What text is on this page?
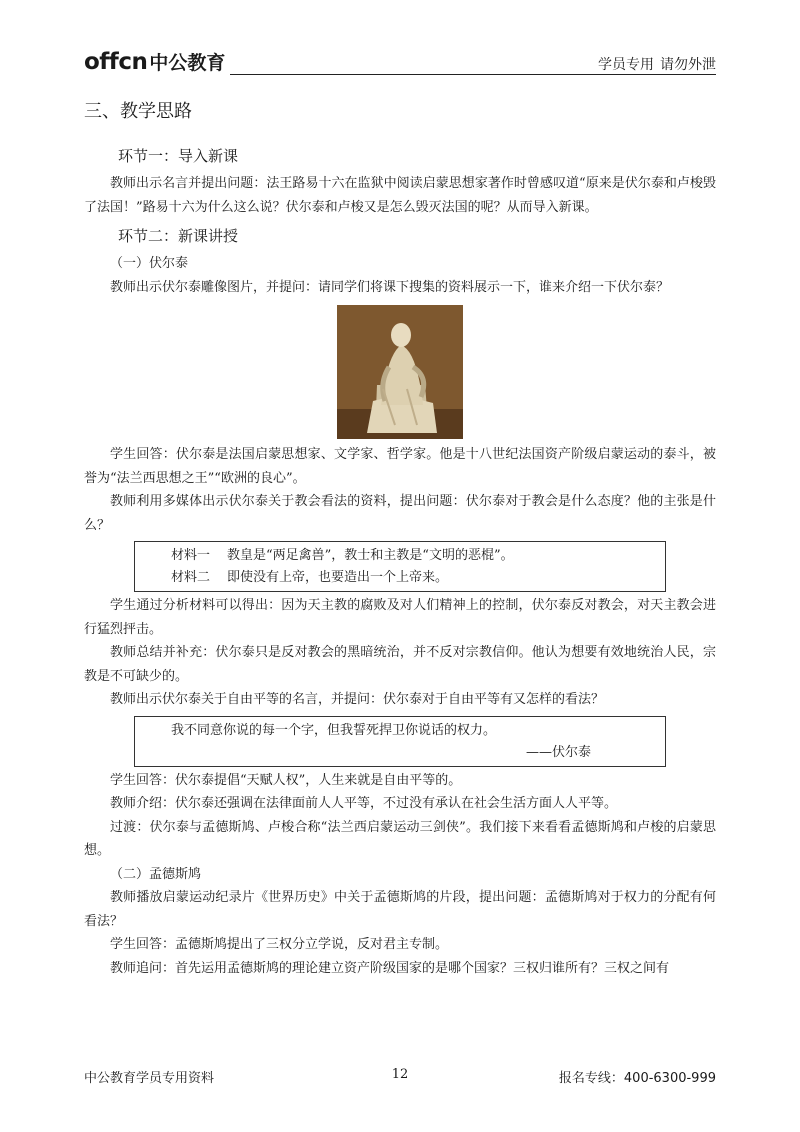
offcn 中公教育	学员专用 请勿外泄
三、教学思路
环节一：导入新课

教师出示名言并提出问题：法王路易十六在监狱中阅读启蒙思想家著作时曾感叹道“原来是伏尔泰和卢梭毁了法国！”路易十六为什么这么说？伏尔泰和卢梭又是怎么毁灭法国的呢？从而导入新课。

环节二：新课讲授
（一）伏尔泰

教师出示伏尔泰雕像图片，并提问：请同学们将课下搜集的资料展示一下，谁来介绍一下伏尔泰？

学生回答：伏尔泰是法国启蒙思想家、文学家、哲学家。他是十八世纪法国资产阶级启蒙运动的泰斗，被誉为“法兰西思想之王”“欧洲的良心”。

教师利用多媒体出示伏尔泰关于教会看法的资料，提出问题：伏尔泰对于教会是什么态度？他的主张是什么？

材料一 教皇是“两足禽兽”，教士和主教是“文明的恶棍”。
材料二 即使没有上帝，也要造出一个上帝来。

学生通过分析材料可以得出：因为天主教的腐败及对人们精神上的控制，伏尔泰反对教会，对天主教会进行猛烈抨击。

教师总结并补充：伏尔泰只是反对教会的黑暗统治，并不反对宗教信仰。他认为想要有效地统治人民，宗教是不可缺少的。

教师出示伏尔泰关于自由平等的名言，并提问：伏尔泰对于自由平等有又怎样的看法？

我不同意你说的每一个字，但我誓死捍卫你说话的权力。
——伏尔泰

学生回答：伏尔泰提倡“天赋人权”，人生来就是自由平等的。

教师介绍：伏尔泰还强调在法律面前人人平等，不过没有承认在社会生活方面人人平等。

过渡：伏尔泰与孟德斯鸠、卢梭合称“法兰西启蒙运动三剑侠”。我们接下来看看孟德斯鸠和卢梭的启蒙思想。

（二）孟德斯鸠

教师播放启蒙运动纪录片《世界历史》中关于孟德斯鸠的片段，提出问题：孟德斯鸠对于权力的分配有何看法？

学生回答：孟德斯鸠提出了三权分立学说，反对君主专制。

教师追问：首先运用孟德斯鸠的理论建立资产阶级国家的是哪个国家？三权归谁所有？三权之间有

中公教育学员专用资料	12	报名专线：400-6300-999
